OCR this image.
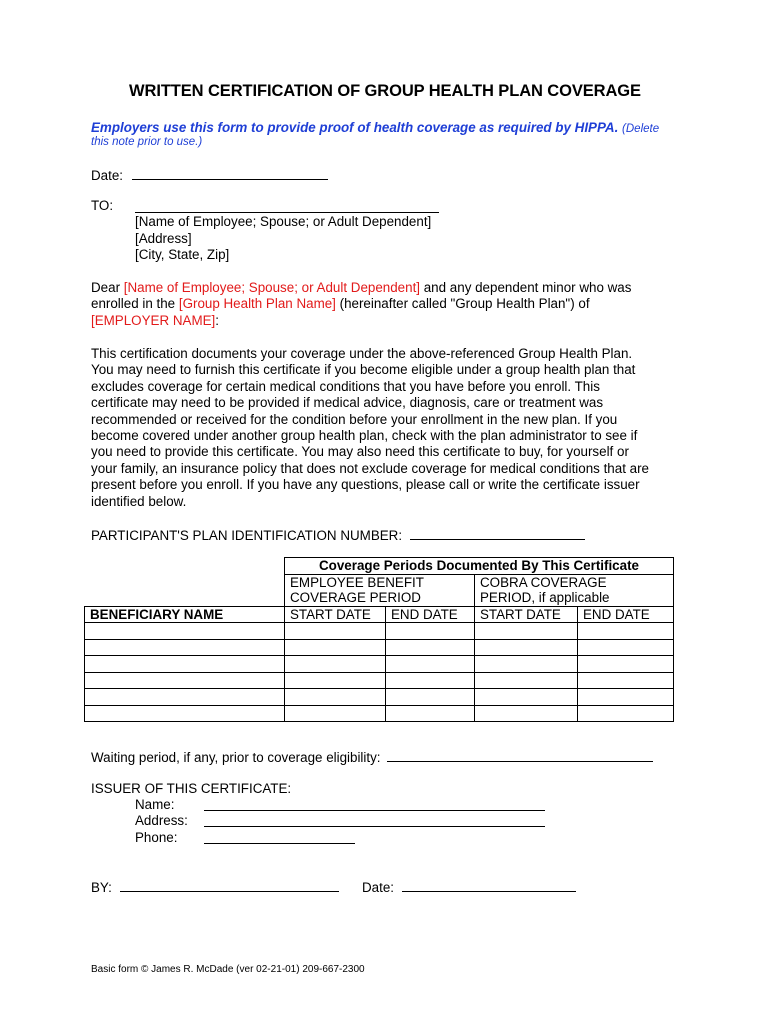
WRITTEN CERTIFICATION OF GROUP HEALTH PLAN COVERAGE
Employers use this form to provide proof of health coverage as required by HIPPA. (Delete
this note prior to use.)
Date:
TO:
[Name of Employee; Spouse; or Adult Dependent]
[Address]
[City, State, Zip]
Dear [Name of Employee; Spouse; or Adult Dependent] and any dependent minor who was
enrolled in the [Group Health Plan Name] (hereinafter called "Group Health Plan") of
[EMPLOYER NAME]:
This certification documents your coverage under the above-referenced Group Health Plan.
You may need to furnish this certificate if you become eligible under a group health plan that
excludes coverage for certain medical conditions that you have before you enroll. This
certificate may need to be provided if medical advice, diagnosis, care or treatment was
recommended or received for the condition before your enrollment in the new plan. If you
become covered under another group health plan, check with the plan administrator to see if
you need to provide this certificate. You may also need this certificate to buy, for yourself or
your family, an insurance policy that does not exclude coverage for medical conditions that are
present before you enroll. If you have any questions, please call or write the certificate issuer
identified below.
PARTICIPANT'S PLAN IDENTIFICATION NUMBER:
	Coverage Periods Documented By This Certificate			
	EMPLOYEE BENEFIT		COBRA COVERAGE	
	COVERAGE PERIOD		PERIOD, if applicable	
BENEFICIARY NAME	START DATE	END DATE	START DATE	END DATE

Waiting period, if any, prior to coverage eligibility:
ISSUER OF THIS CERTIFICATE:
Name:
Address:
Phone:
BY:	Date:
Basic form © James R. McDade (ver 02-21-01) 209-667-2300
